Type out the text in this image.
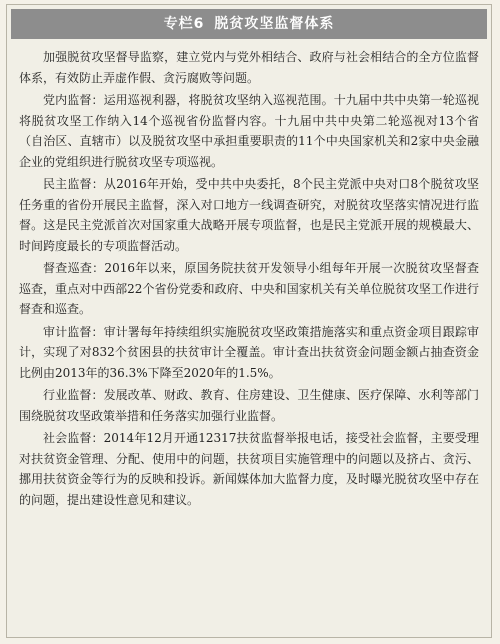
专栏6 脱贫攻坚监督体系

加强脱贫攻坚督导监察，建立党内与党外相结合、政府与社会相结合的全方位监督体系，有效防止弄虚作假、贪污腐败等问题。

党内监督：运用巡视利器，将脱贫攻坚纳入巡视范围。十九届中共中央第一轮巡视将脱贫攻坚工作纳入14个巡视省份监督内容。十九届中共中央第二轮巡视对13个省（自治区、直辖市）以及脱贫攻坚中承担重要职责的11个中央国家机关和2家中央金融企业的党组织进行脱贫攻坚专项巡视。

民主监督：从2016年开始，受中共中央委托，8个民主党派中央对口8个脱贫攻坚任务重的省份开展民主监督，深入对口地方一线调查研究，对脱贫攻坚落实情况进行监督。这是民主党派首次对国家重大战略开展专项监督，也是民主党派开展的规模最大、时间跨度最长的专项监督活动。

督查巡查：2016年以来，原国务院扶贫开发领导小组每年开展一次脱贫攻坚督查巡查，重点对中西部22个省份党委和政府、中央和国家机关有关单位脱贫攻坚工作进行督查和巡查。

审计监督：审计署每年持续组织实施脱贫攻坚政策措施落实和重点资金项目跟踪审计，实现了对832个贫困县的扶贫审计全覆盖。审计查出扶贫资金问题金额占抽查资金比例由2013年的36.3%下降至2020年的1.5%。

行业监督：发展改革、财政、教育、住房建设、卫生健康、医疗保障、水利等部门围绕脱贫攻坚政策举措和任务落实加强行业监督。

社会监督：2014年12月开通12317扶贫监督举报电话，接受社会监督，主要受理对扶贫资金管理、分配、使用中的问题，扶贫项目实施管理中的问题以及挤占、贪污、挪用扶贫资金等行为的反映和投诉。新闻媒体加大监督力度，及时曝光脱贫攻坚中存在的问题，提出建设性意见和建议。
